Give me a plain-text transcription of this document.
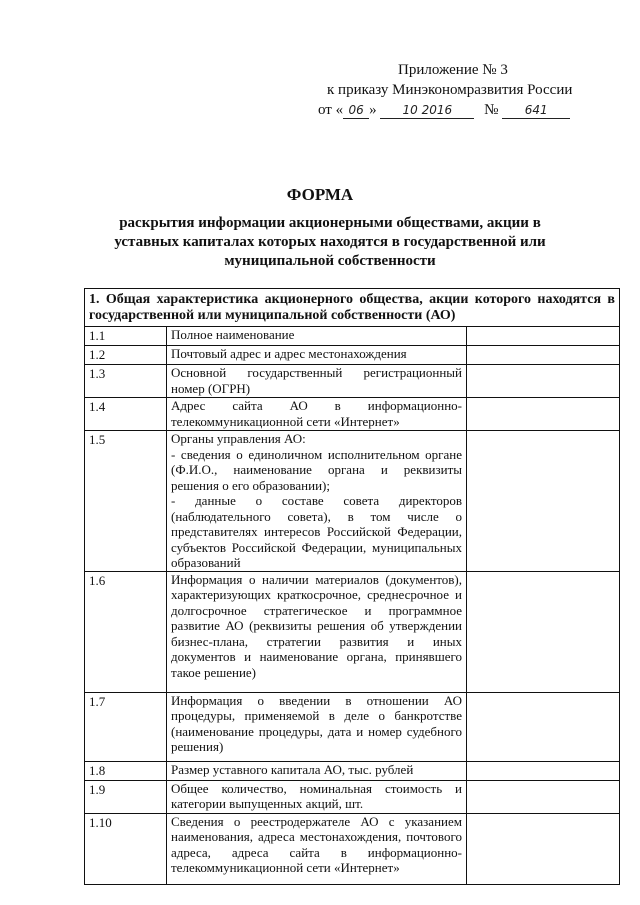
Приложение № 3
к приказу Минэкономразвития России
от « 06 » 10 2016 № 641
ФОРМА
раскрытия информации акционерными обществами, акции в уставных капиталах которых находятся в государственной или муниципальной собственности
1. Общая характеристика акционерного общества, акции которого находятся в государственной или муниципальной собственности (АО)
1.1	Полное наименование
1.2	Почтовый адрес и адрес местонахождения
1.3	Основной государственный регистрационный номер (ОГРН)
1.4	Адрес сайта АО в информационно-телекоммуникационной сети «Интернет»
1.5	Органы управления АО:
- сведения о единоличном исполнительном органе (Ф.И.О., наименование органа и реквизиты решения о его образовании);
- данные о составе совета директоров (наблюдательного совета), в том числе о представителях интересов Российской Федерации, субъектов Российской Федерации, муниципальных образований
1.6	Информация о наличии материалов (документов), характеризующих краткосрочное, среднесрочное и долгосрочное стратегическое и программное развитие АО (реквизиты решения об утверждении бизнес-плана, стратегии развития и иных документов и наименование органа, принявшего такое решение)
1.7	Информация о введении в отношении АО процедуры, применяемой в деле о банкротстве (наименование процедуры, дата и номер судебного решения)
1.8	Размер уставного капитала АО, тыс. рублей
1.9	Общее количество, номинальная стоимость и категории выпущенных акций, шт.
1.10	Сведения о реестродержателе АО с указанием наименования, адреса местонахождения, почтового адреса, адреса сайта в информационно-телекоммуникационной сети «Интернет»
